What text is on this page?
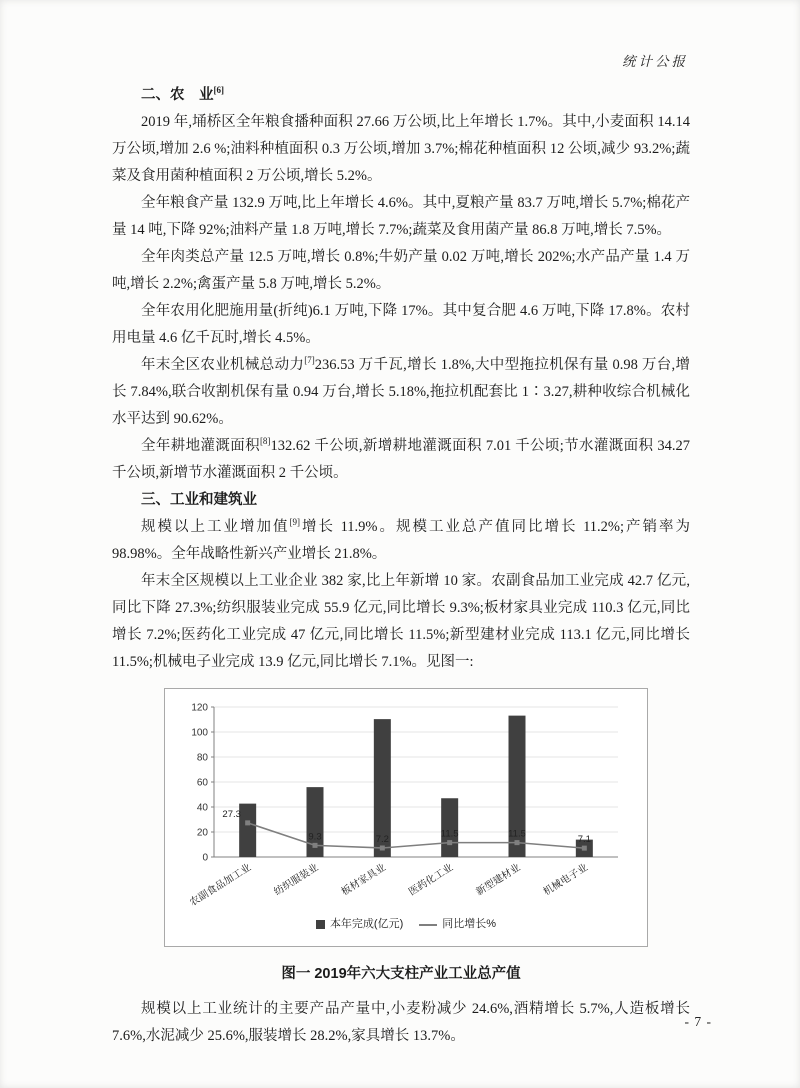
统计公报

二、农　业[6]

2019 年,埇桥区全年粮食播种面积 27.66 万公顷,比上年增长 1.7%。其中,小麦面积 14.14 万公顷,增加 2.6 %;油料种植面积 0.3 万公顷,增加 3.7%;棉花种植面积 12 公顷,减少 93.2%;蔬菜及食用菌种植面积 2 万公顷,增长 5.2%。

全年粮食产量 132.9 万吨,比上年增长 4.6%。其中,夏粮产量 83.7 万吨,增长 5.7%;棉花产量 14 吨,下降 92%;油料产量 1.8 万吨,增长 7.7%;蔬菜及食用菌产量 86.8 万吨,增长 7.5%。

全年肉类总产量 12.5 万吨,增长 0.8%;牛奶产量 0.02 万吨,增长 202%;水产品产量 1.4 万吨,增长 2.2%;禽蛋产量 5.8 万吨,增长 5.2%。

全年农用化肥施用量(折纯)6.1 万吨,下降 17%。其中复合肥 4.6 万吨,下降 17.8%。农村用电量 4.6 亿千瓦时,增长 4.5%。

年末全区农业机械总动力[7]236.53 万千瓦,增长 1.8%,大中型拖拉机保有量 0.98 万台,增长 7.84%,联合收割机保有量 0.94 万台,增长 5.18%,拖拉机配套比 1∶3.27,耕种收综合机械化水平达到 90.62%。

全年耕地灌溉面积[8]132.62 千公顷,新增耕地灌溉面积 7.01 千公顷;节水灌溉面积 34.27 千公顷,新增节水灌溉面积 2 千公顷。

三、工业和建筑业

规模以上工业增加值[9]增长 11.9%。规模工业总产值同比增长 11.2%;产销率为 98.98%。全年战略性新兴产业增长 21.8%。

年末全区规模以上工业企业 382 家,比上年新增 10 家。农副食品加工业完成 42.7 亿元,同比下降 27.3%;纺织服装业完成 55.9 亿元,同比增长 9.3%;板材家具业完成 110.3 亿元,同比增长 7.2%;医药化工业完成 47 亿元,同比增长 11.5%;新型建材业完成 113.1 亿元,同比增长 11.5%;机械电子业完成 13.9 亿元,同比增长 7.1%。见图一:

0
20
40
60
80
100
120
27.3
9.3	7.2	11.5	11.5	7.1
农副食品加工业 纺织服装业 板材家具业 医药化工业 新型建材业 机械电子业
本年完成(亿元)	同比增长%
图一 2019年六大支柱产业工业总产值

规模以上工业统计的主要产品产量中,小麦粉减少 24.6%,酒精增长 5.7%,人造板增长 7.6%,水泥减少 25.6%,服装增长 28.2%,家具增长 13.7%。

- 7 -
